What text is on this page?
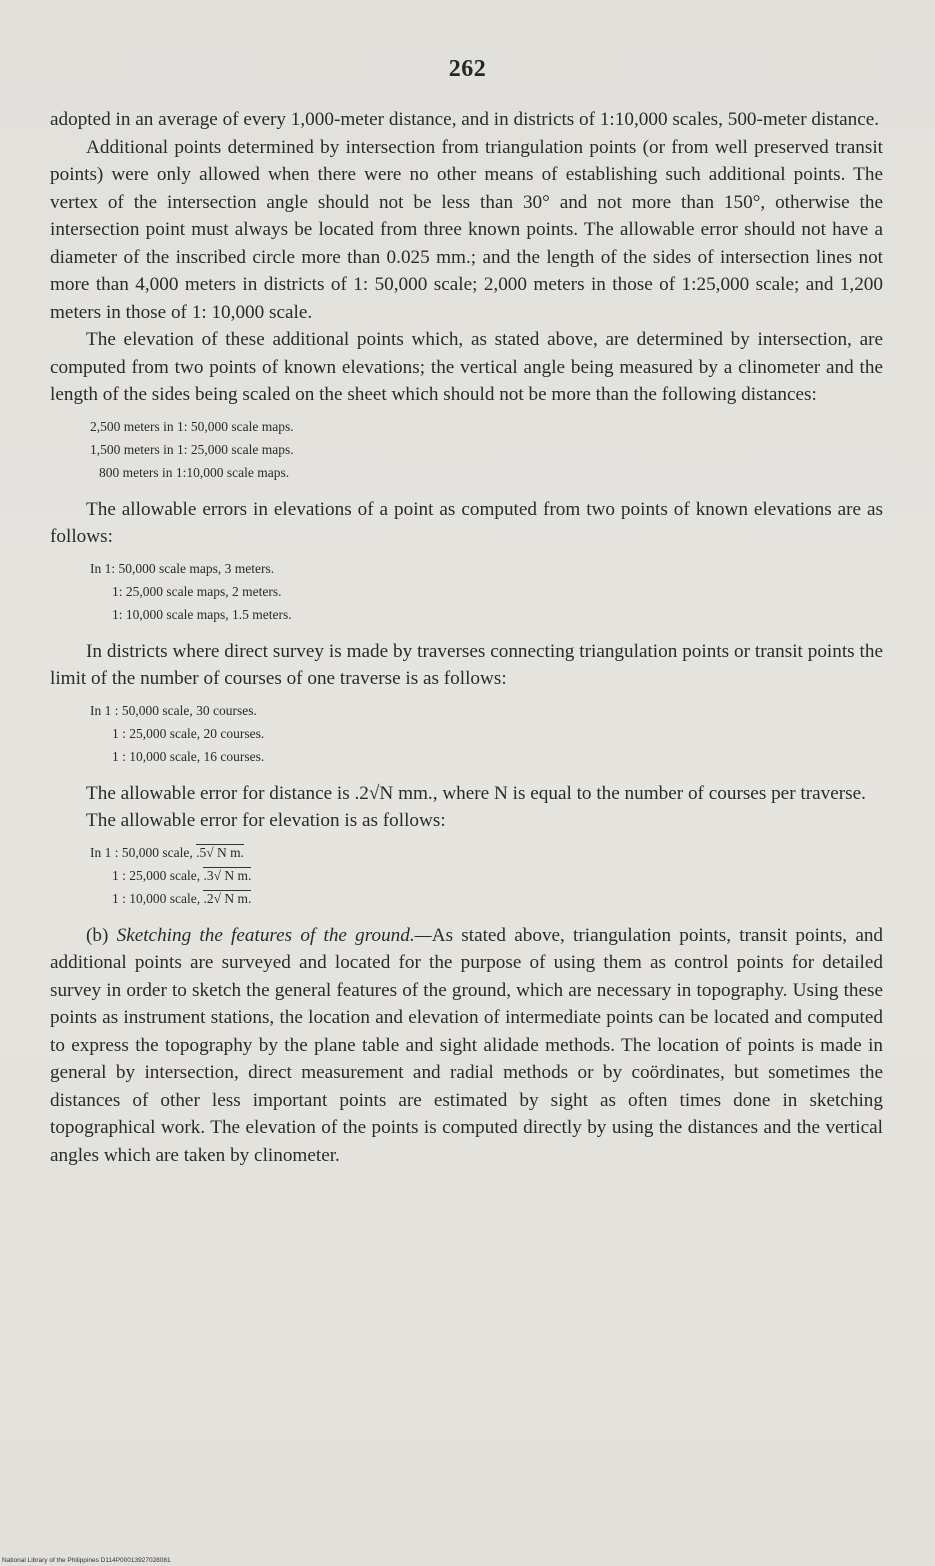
262

adopted in an average of every 1,000-meter distance, and in districts of 1:10,000 scales, 500-meter distance.

Additional points determined by intersection from triangulation points (or from well preserved transit points) were only allowed when there were no other means of establishing such additional points. The vertex of the intersection angle should not be less than 30° and not more than 150°, otherwise the intersection point must always be located from three known points. The allowable error should not have a diameter of the inscribed circle more than 0.025 mm.; and the length of the sides of intersection lines not more than 4,000 meters in districts of 1: 50,000 scale; 2,000 meters in those of 1:25,000 scale; and 1,200 meters in those of 1: 10,000 scale.

The elevation of these additional points which, as stated above, are determined by intersection, are computed from two points of known elevations; the vertical angle being measured by a clinometer and the length of the sides being scaled on the sheet which should not be more than the following distances:

2,500 meters in 1: 50,000 scale maps.
1,500 meters in 1: 25,000 scale maps.
800 meters in 1:10,000 scale maps.

The allowable errors in elevations of a point as computed from two points of known elevations are as follows:

In 1: 50,000 scale maps, 3 meters.
1: 25,000 scale maps, 2 meters.
1: 10,000 scale maps, 1.5 meters.

In districts where direct survey is made by traverses connecting triangulation points or transit points the limit of the number of courses of one traverse is as follows:

In 1 : 50,000 scale, 30 courses.
1 : 25,000 scale, 20 courses.
1 : 10,000 scale, 16 courses.

The allowable error for distance is .2√N mm., where N is equal to the number of courses per traverse.

The allowable error for elevation is as follows:

In 1 : 50,000 scale, .5√ N m.
1 : 25,000 scale, .3√ N m.
1 : 10,000 scale, .2√ N m.

(b) Sketching the features of the ground.—As stated above, triangulation points, transit points, and additional points are surveyed and located for the purpose of using them as control points for detailed survey in order to sketch the general features of the ground, which are necessary in topography. Using these points as instrument stations, the location and elevation of intermediate points can be located and computed to express the topography by the plane table and sight alidade methods. The location of points is made in general by intersection, direct measurement and radial methods or by coördinates, but sometimes the distances of other less important points are estimated by sight as often times done in sketching topographical work. The elevation of the points is computed directly by using the distances and the vertical angles which are taken by clinometer.

National Library of the Philippines D114P00013927028081
